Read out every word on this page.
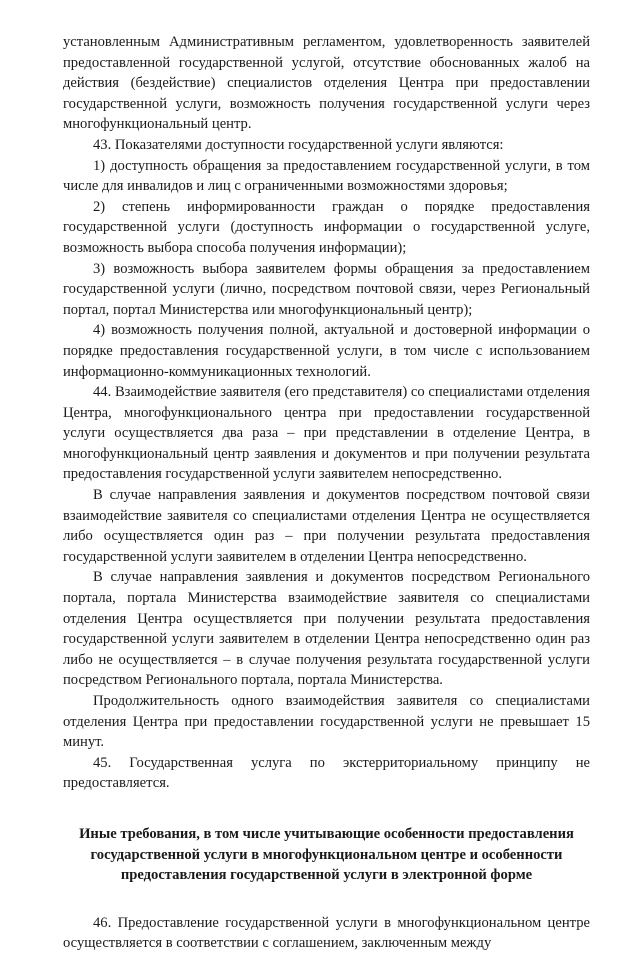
установленным Административным регламентом, удовлетворенность заявителей предоставленной государственной услугой, отсутствие обоснованных жалоб на действия (бездействие) специалистов отделения Центра при предоставлении государственной услуги, возможность получения государственной услуги через многофункциональный центр.

43. Показателями доступности государственной услуги являются:

1) доступность обращения за предоставлением государственной услуги, в том числе для инвалидов и лиц с ограниченными возможностями здоровья;

2) степень информированности граждан о порядке предоставления государственной услуги (доступность информации о государственной услуге, возможность выбора способа получения информации);

3) возможность выбора заявителем формы обращения за предоставлением государственной услуги (лично, посредством почтовой связи, через Региональный портал, портал Министерства или многофункциональный центр);

4) возможность получения полной, актуальной и достоверной информации о порядке предоставления государственной услуги, в том числе с использованием информационно-коммуникационных технологий.

44. Взаимодействие заявителя (его представителя) со специалистами отделения Центра, многофункционального центра при предоставлении государственной услуги осуществляется два раза – при представлении в отделение Центра, в многофункциональный центр заявления и документов и при получении результата предоставления государственной услуги заявителем непосредственно.

В случае направления заявления и документов посредством почтовой связи взаимодействие заявителя со специалистами отделения Центра не осуществляется либо осуществляется один раз – при получении результата предоставления государственной услуги заявителем в отделении Центра непосредственно.

В случае направления заявления и документов посредством Регионального портала, портала Министерства взаимодействие заявителя со специалистами отделения Центра осуществляется при получении результата предоставления государственной услуги заявителем в отделении Центра непосредственно один раз либо не осуществляется – в случае получения результата государственной услуги посредством Регионального портала, портала Министерства.

Продолжительность одного взаимодействия заявителя со специалистами отделения Центра при предоставлении государственной услуги не превышает 15 минут.

45. Государственная услуга по экстерриториальному принципу не предоставляется.

Иные требования, в том числе учитывающие особенности предоставления государственной услуги в многофункциональном центре и особенности предоставления государственной услуги в электронной форме

46. Предоставление государственной услуги в многофункциональном центре осуществляется в соответствии с соглашением, заключенным между
